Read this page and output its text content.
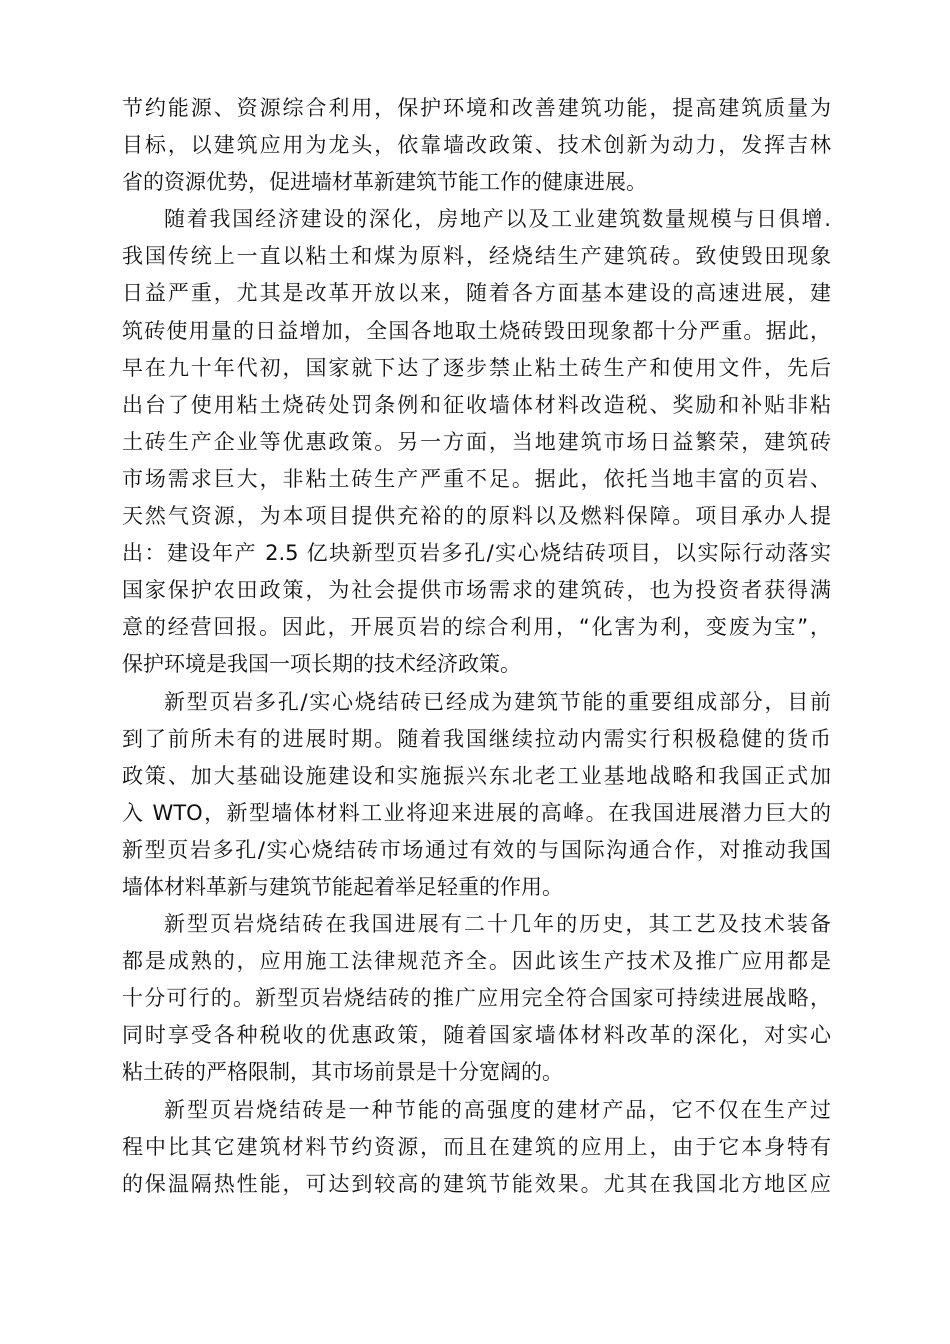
节约能源、资源综合利用，保护环境和改善建筑功能，提高建筑质量为
目标，以建筑应用为龙头，依靠墙改政策、技术创新为动力，发挥吉林
省的资源优势，促进墙材革新建筑节能工作的健康进展。
随着我国经济建设的深化，房地产以及工业建筑数量规模与日俱增.
我国传统上一直以粘土和煤为原料，经烧结生产建筑砖。致使毁田现象
日益严重，尤其是改革开放以来，随着各方面基本建设的高速进展，建
筑砖使用量的日益增加，全国各地取土烧砖毁田现象都十分严重。据此，
早在九十年代初，国家就下达了逐步禁止粘土砖生产和使用文件，先后
出台了使用粘土烧砖处罚条例和征收墙体材料改造税、奖励和补贴非粘
土砖生产企业等优惠政策。另一方面，当地建筑市场日益繁荣，建筑砖
市场需求巨大，非粘土砖生产严重不足。据此，依托当地丰富的页岩、
天然气资源，为本项目提供充裕的的原料以及燃料保障。项目承办人提
出：建设年产 2.5 亿块新型页岩多孔/实心烧结砖项目，以实际行动落实
国家保护农田政策，为社会提供市场需求的建筑砖，也为投资者获得满
意的经营回报。因此，开展页岩的综合利用，“化害为利，变废为宝”，
保护环境是我国一项长期的技术经济政策。
新型页岩多孔/实心烧结砖已经成为建筑节能的重要组成部分，目前
到了前所未有的进展时期。随着我国继续拉动内需实行积极稳健的货币
政策、加大基础设施建设和实施振兴东北老工业基地战略和我国正式加
入 WTO，新型墙体材料工业将迎来进展的高峰。在我国进展潜力巨大的
新型页岩多孔/实心烧结砖市场通过有效的与国际沟通合作，对推动我国
墙体材料革新与建筑节能起着举足轻重的作用。
新型页岩烧结砖在我国进展有二十几年的历史，其工艺及技术装备
都是成熟的，应用施工法律规范齐全。因此该生产技术及推广应用都是
十分可行的。新型页岩烧结砖的推广应用完全符合国家可持续进展战略，
同时享受各种税收的优惠政策，随着国家墙体材料改革的深化，对实心
粘土砖的严格限制，其市场前景是十分宽阔的。
新型页岩烧结砖是一种节能的高强度的建材产品，它不仅在生产过
程中比其它建筑材料节约资源，而且在建筑的应用上，由于它本身特有
的保温隔热性能，可达到较高的建筑节能效果。尤其在我国北方地区应
